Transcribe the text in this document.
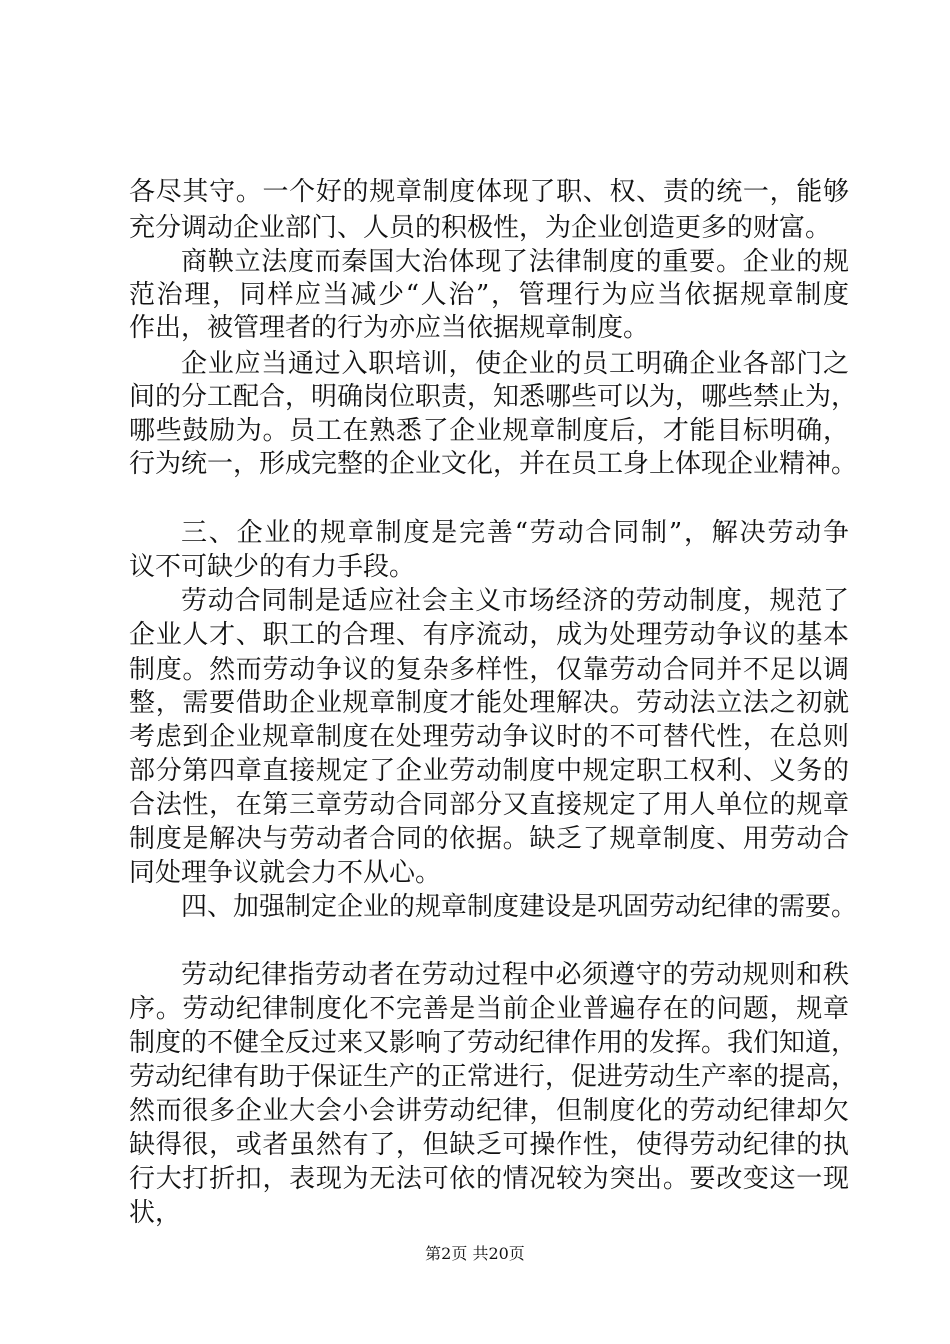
各尽其守。一个好的规章制度体现了职、权、责的统一，能够
充分调动企业部门、人员的积极性，为企业创造更多的财富。
商鞅立法度而秦国大治体现了法律制度的重要。企业的规
范治理，同样应当减少“人治”，管理行为应当依据规章制度
作出，被管理者的行为亦应当依据规章制度。
企业应当通过入职培训，使企业的员工明确企业各部门之
间的分工配合，明确岗位职责，知悉哪些可以为，哪些禁止为，
哪些鼓励为。员工在熟悉了企业规章制度后，才能目标明确，
行为统一，形成完整的企业文化，并在员工身上体现企业精神。
三、企业的规章制度是完善“劳动合同制”，解决劳动争
议不可缺少的有力手段。
劳动合同制是适应社会主义市场经济的劳动制度，规范了
企业人才、职工的合理、有序流动，成为处理劳动争议的基本
制度。然而劳动争议的复杂多样性，仅靠劳动合同并不足以调
整，需要借助企业规章制度才能处理解决。劳动法立法之初就
考虑到企业规章制度在处理劳动争议时的不可替代性，在总则
部分第四章直接规定了企业劳动制度中规定职工权利、义务的
合法性，在第三章劳动合同部分又直接规定了用人单位的规章
制度是解决与劳动者合同的依据。缺乏了规章制度、用劳动合
同处理争议就会力不从心。
四、加强制定企业的规章制度建设是巩固劳动纪律的需要。
劳动纪律指劳动者在劳动过程中必须遵守的劳动规则和秩
序。劳动纪律制度化不完善是当前企业普遍存在的问题，规章
制度的不健全反过来又影响了劳动纪律作用的发挥。我们知道，
劳动纪律有助于保证生产的正常进行，促进劳动生产率的提高，
然而很多企业大会小会讲劳动纪律，但制度化的劳动纪律却欠
缺得很，或者虽然有了，但缺乏可操作性，使得劳动纪律的执
行大打折扣，表现为无法可依的情况较为突出。要改变这一现
状，
第2页 共20页
